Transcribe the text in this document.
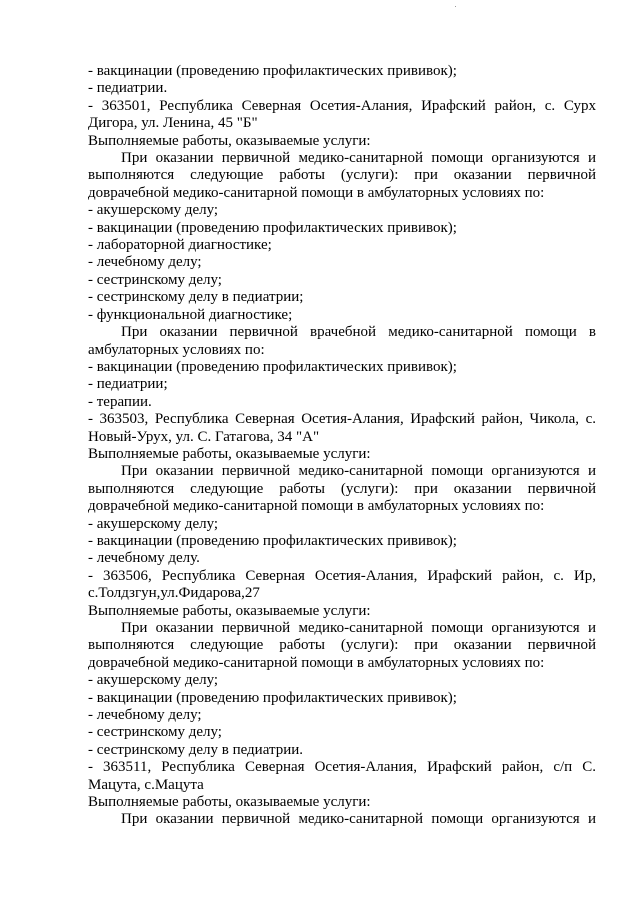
- вакцинации (проведению профилактических прививок);
- педиатрии.
- 363501, Республика Северная Осетия-Алания, Ирафский район, с. Сурх
Дигора, ул. Ленина, 45 "Б"
Выполняемые работы, оказываемые услуги:
При оказании первичной медико-санитарной помощи организуются и
выполняются следующие работы (услуги): при оказании первичной
доврачебной медико-санитарной помощи в амбулаторных условиях по:
- акушерскому делу;
- вакцинации (проведению профилактических прививок);
- лабораторной диагностике;
- лечебному делу;
- сестринскому делу;
- сестринскому делу в педиатрии;
- функциональной диагностике;
При оказании первичной врачебной медико-санитарной помощи в
амбулаторных условиях по:
- вакцинации (проведению профилактических прививок);
- педиатрии;
- терапии.
- 363503, Республика Северная Осетия-Алания, Ирафский район, Чикола, с.
Новый-Урух, ул. С. Гатагова, 34 "А"
Выполняемые работы, оказываемые услуги:
При оказании первичной медико-санитарной помощи организуются и
выполняются следующие работы (услуги): при оказании первичной
доврачебной медико-санитарной помощи в амбулаторных условиях по:
- акушерскому делу;
- вакцинации (проведению профилактических прививок);
- лечебному делу.
- 363506, Республика Северная Осетия-Алания, Ирафский район, с. Ир,
с.Толдзгун,ул.Фидарова,27
Выполняемые работы, оказываемые услуги:
При оказании первичной медико-санитарной помощи организуются и
выполняются следующие работы (услуги): при оказании первичной
доврачебной медико-санитарной помощи в амбулаторных условиях по:
- акушерскому делу;
- вакцинации (проведению профилактических прививок);
- лечебному делу;
- сестринскому делу;
- сестринскому делу в педиатрии.
- 363511, Республика Северная Осетия-Алания, Ирафский район, с/п С.
Мацута, с.Мацута
Выполняемые работы, оказываемые услуги:
При оказании первичной медико-санитарной помощи организуются и
